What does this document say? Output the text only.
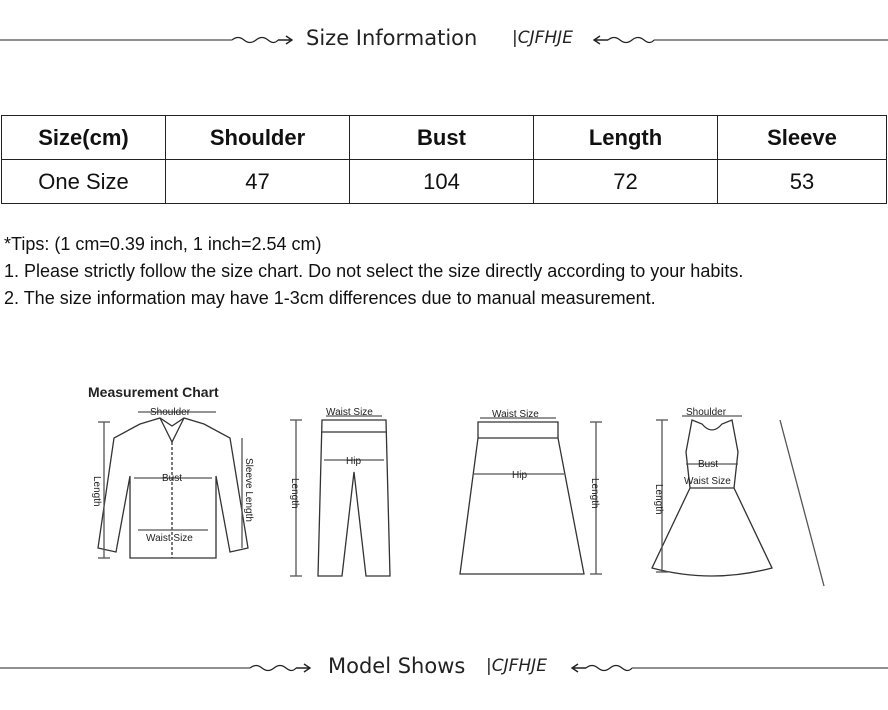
Size Information |CJFHJE
Size(cm)	Shoulder	Bust	Length	Sleeve
One Size	47	104	72	53
*Tips: (1 cm=0.39 inch, 1 inch=2.54 cm)
1. Please strictly follow the size chart. Do not select the size directly according to your habits.
2. The size information may have 1-3cm differences due to manual measurement.
Measurement Chart
Shoulder
Bust
Waist Size
Length	Sleeve Length
Waist Size
Hip
Length
Waist Size
Hip
Length
Shoulder
Bust
Waist Size
Length
Model Shows |CJFHJE
